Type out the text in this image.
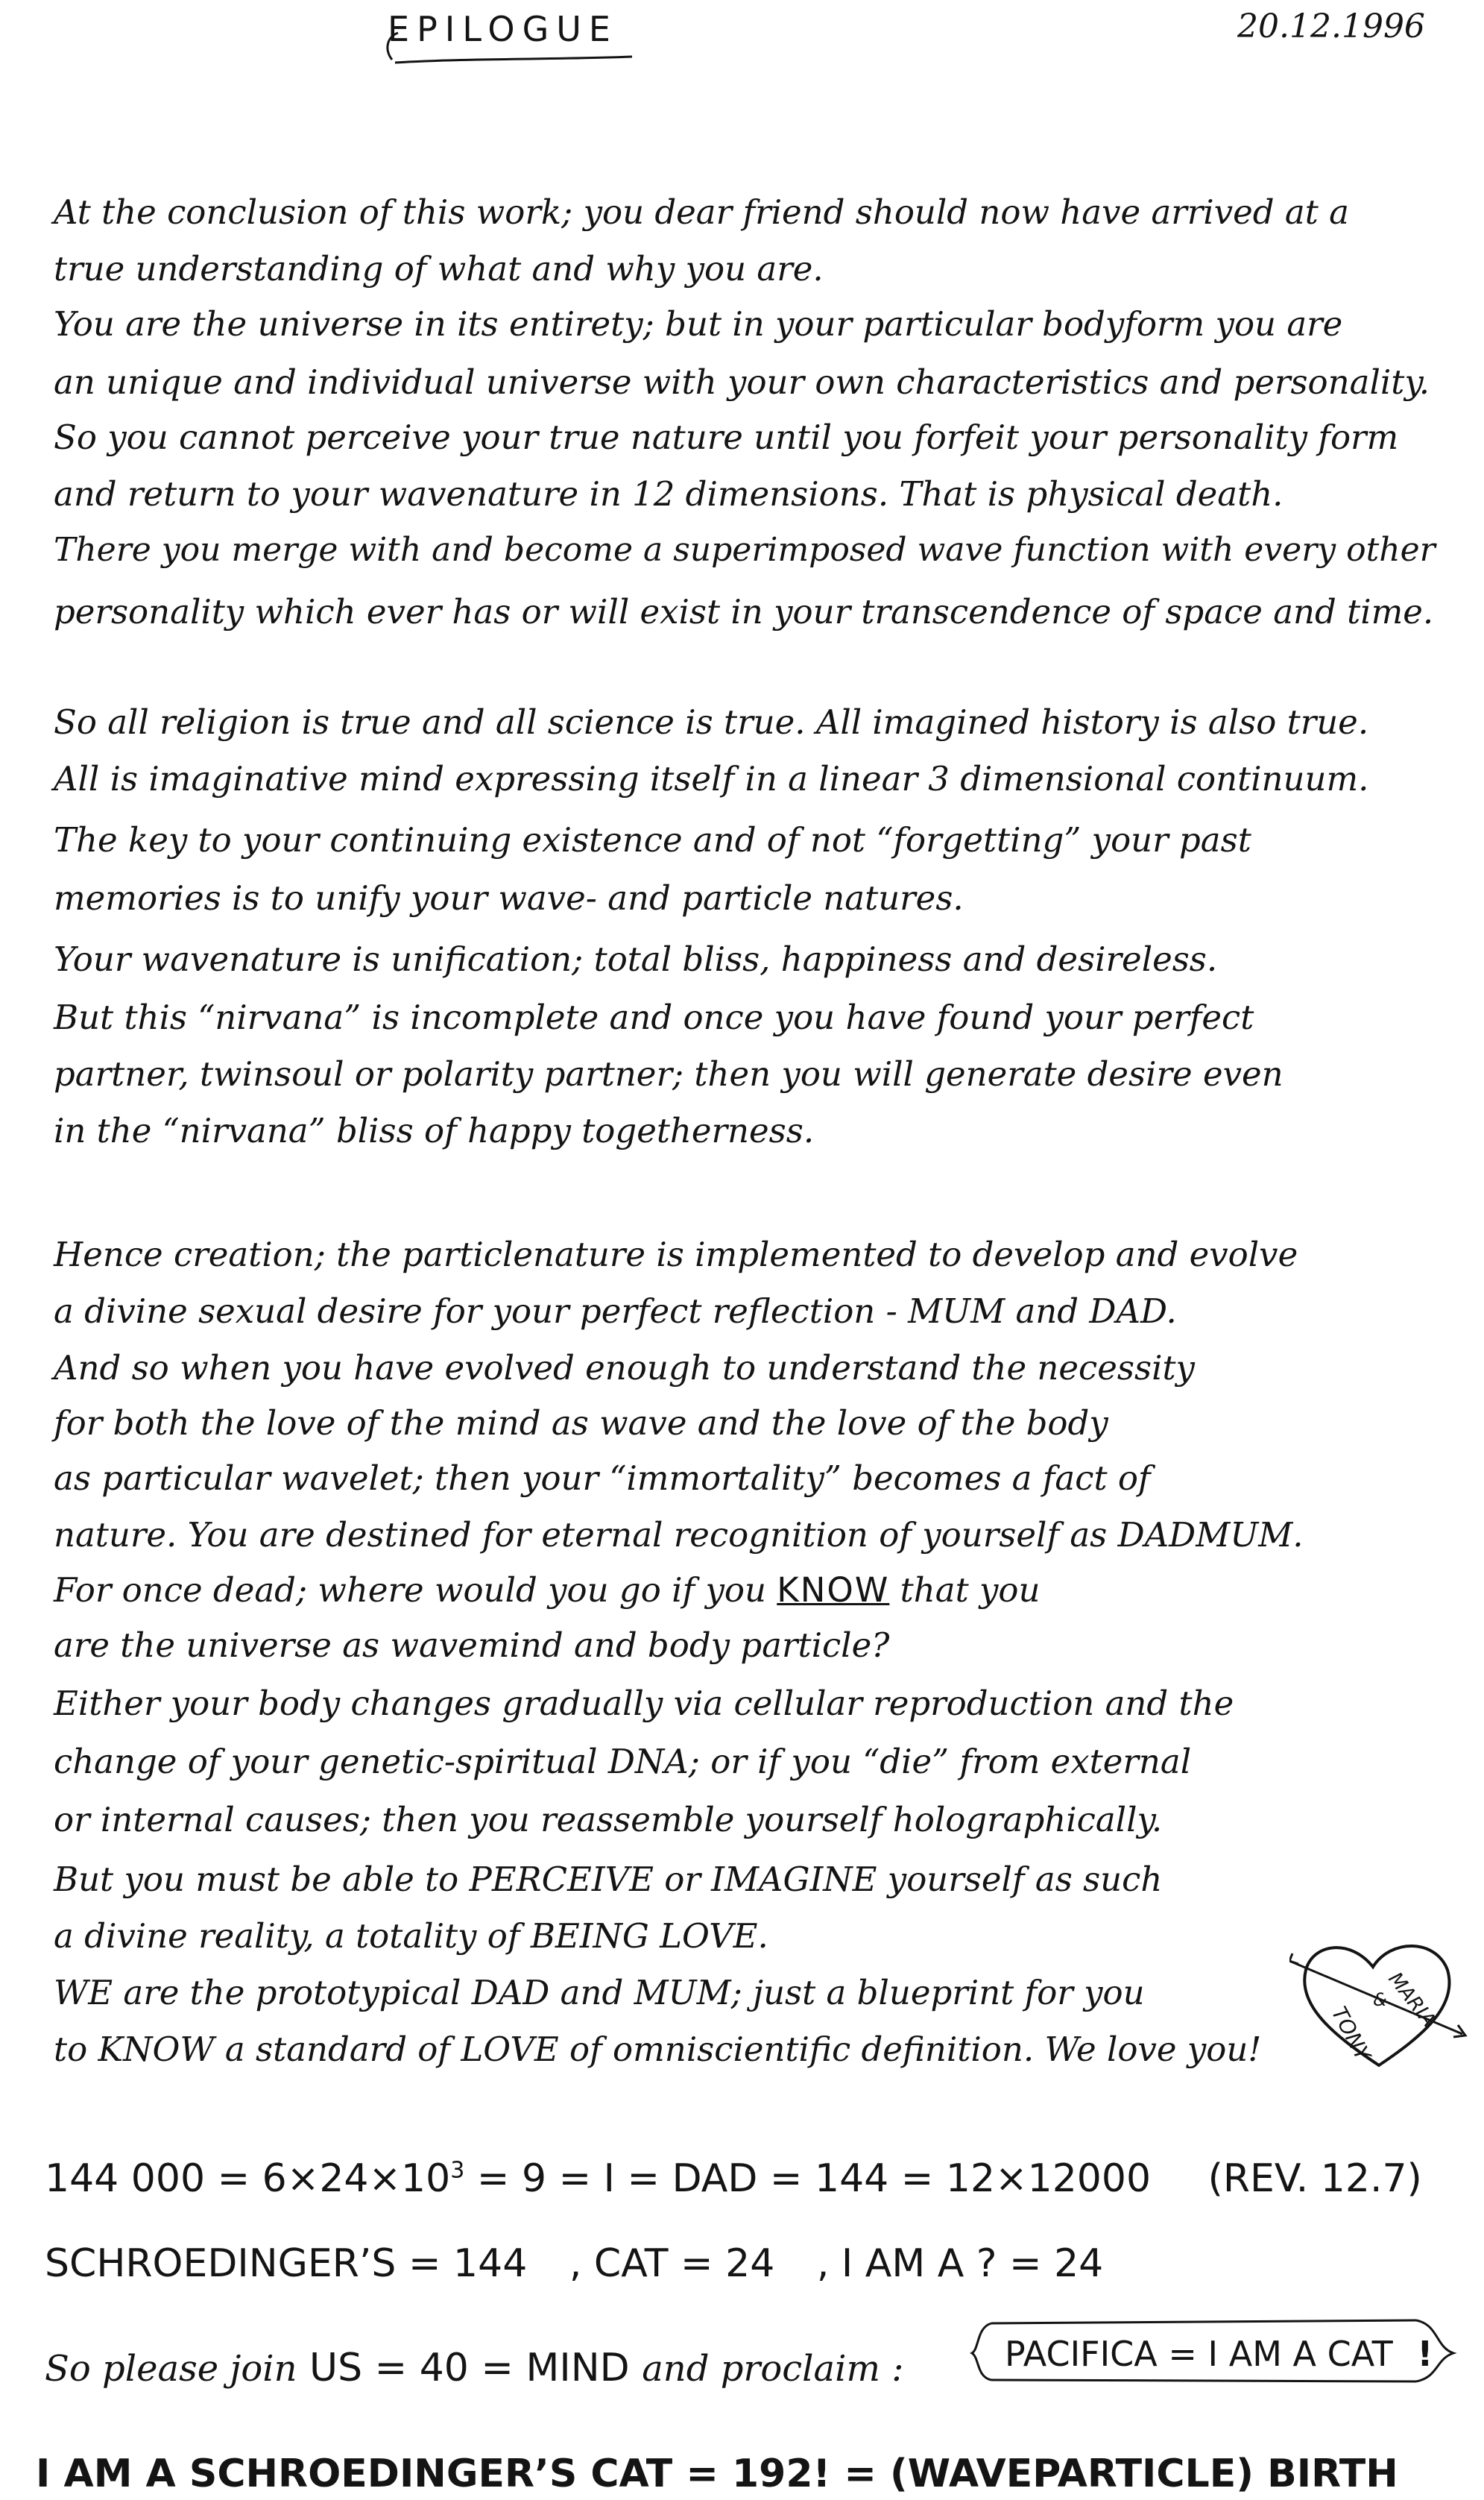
EPILOGUE	20.12.1996
At the conclusion of this work; you dear friend should now have arrived at a
true understanding of what and why you are.
You are the universe in its entirety; but in your particular bodyform you are
an unique and individual universe with your own characteristics and personality.
So you cannot perceive your true nature until you forfeit your personality form
and return to your wavenature in 12 dimensions. That is physical death.
There you merge with and become a superimposed wave function with every other
personality which ever has or will exist in your transcendence of space and time.
So all religion is true and all science is true. All imagined history is also true.
All is imaginative mind expressing itself in a linear 3 dimensional continuum.
The key to your continuing existence and of not “forgetting” your past
memories is to unify your wave- and particle natures.
Your wavenature is unification; total bliss, happiness and desireless.
But this “nirvana” is incomplete and once you have found your perfect
partner, twinsoul or polarity partner; then you will generate desire even
in the “nirvana” bliss of happy togetherness.
Hence creation; the particlenature is implemented to develop and evolve
a divine sexual desire for your perfect reflection - MUM and DAD.
And so when you have evolved enough to understand the necessity
for both the love of the mind as wave and the love of the body
as particular wavelet; then your “immortality” becomes a fact of
nature. You are destined for eternal recognition of yourself as DADMUM.
For once dead; where would you go if you KNOW that you
are the universe as wavemind and body particle?
Either your body changes gradually via cellular reproduction and the
change of your genetic-spiritual DNA; or if you “die” from external
or internal causes; then you reassemble yourself holographically.
But you must be able to PERCEIVE or IMAGINE yourself as such
a divine reality, a totality of BEING LOVE.
WE are the prototypical DAD and MUM; just a blueprint for you
to KNOW a standard of LOVE of omniscientific definition. We love you!	TONY
&
MARIA
144 $000 = 6\times 24\times 10^3 = 9 = I$ = DAD = 144 = 12×12000 (REV. 12.7)
SCHROEDINGER’S = 144 , CAT = 24 , I AM A ? = 24
So please join US = 40 = MIND and proclaim :	PACIFICA = I AM A CAT !
I AM A SCHROEDINGER’S CAT = 192! = (WAVEPARTICLE) BIRTH
